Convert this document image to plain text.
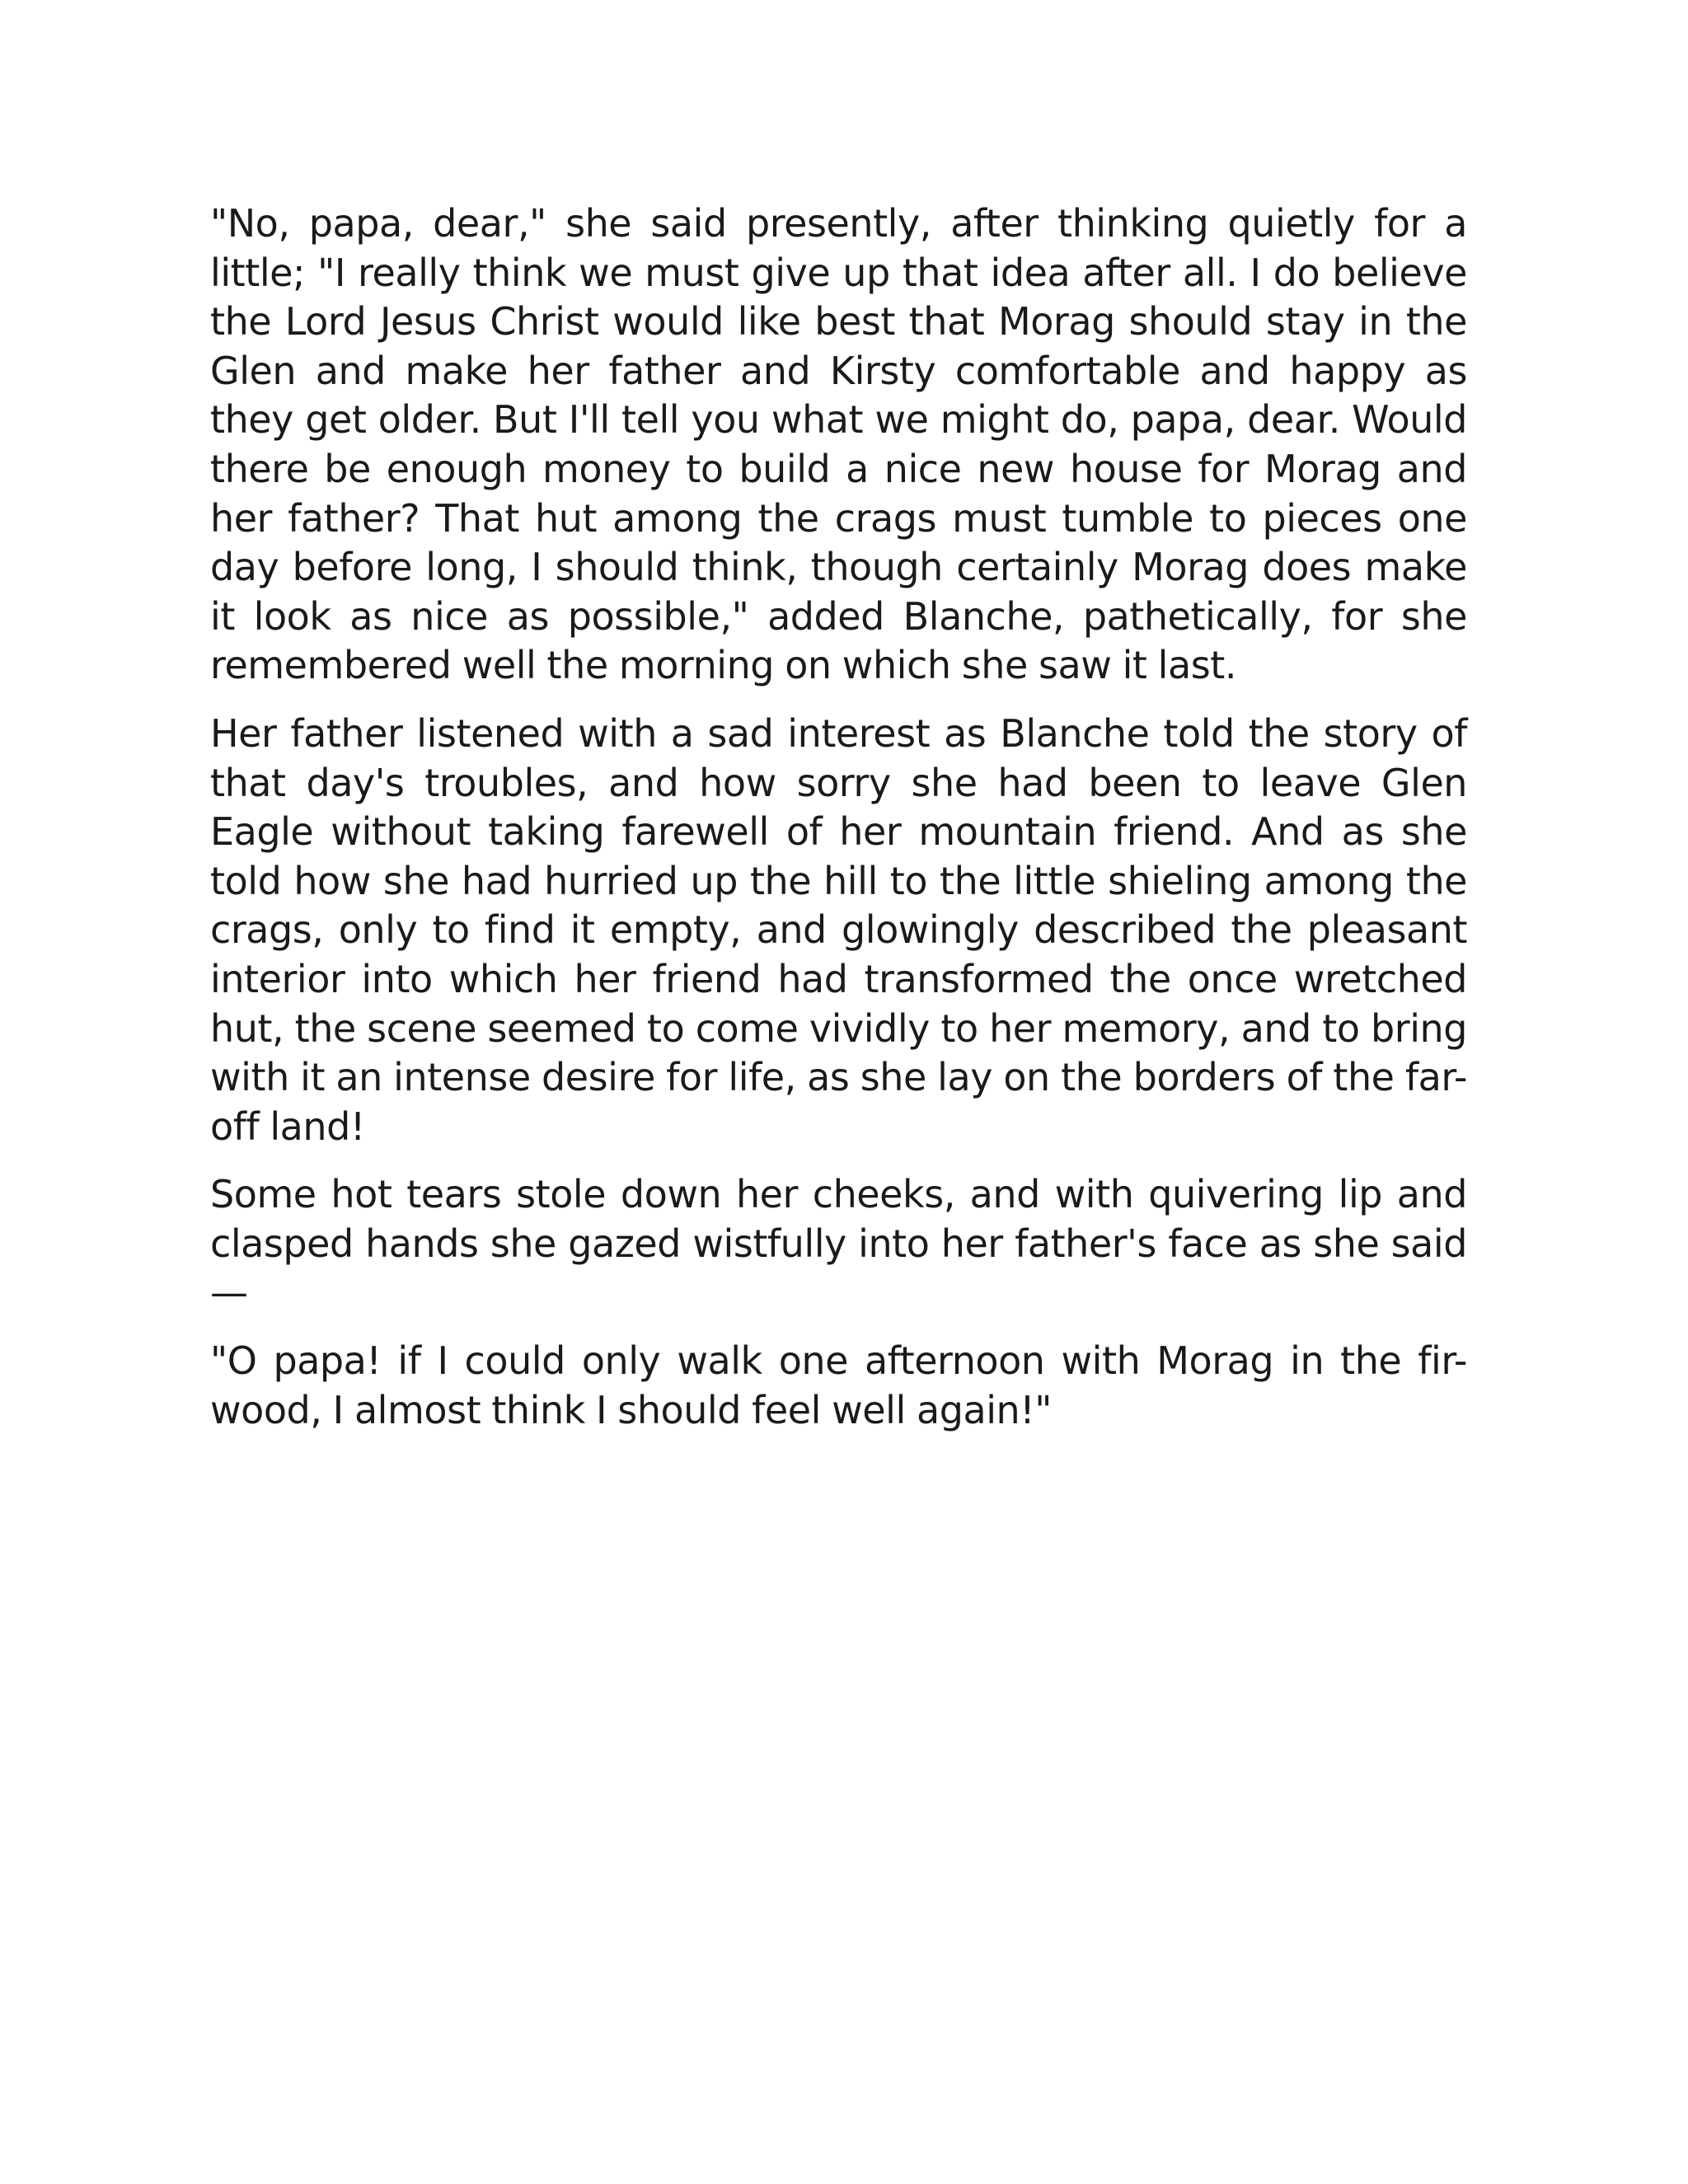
"No, papa, dear," she said presently, after thinking quietly for a little; "I really think we must give up that idea after all. I do believe the Lord Jesus Christ would like best that Morag should stay in the Glen and make her father and Kirsty comfortable and happy as they get older. But I'll tell you what we might do, papa, dear. Would there be enough money to build a nice new house for Morag and her father? That hut among the crags must tumble to pieces one day before long, I should think, though certainly Morag does make it look as nice as possible," added Blanche, pathetically, for she remembered well the morning on which she saw it last.

Her father listened with a sad interest as Blanche told the story of that day's troubles, and how sorry she had been to leave Glen Eagle without taking farewell of her mountain friend. And as she told how she had hurried up the hill to the little shieling among the crags, only to find it empty, and glowingly described the pleasant interior into which her friend had transformed the once wretched hut, the scene seemed to come vividly to her memory, and to bring with it an intense desire for life, as she lay on the borders of the far-off land!

Some hot tears stole down her cheeks, and with quivering lip and clasped hands she gazed wistfully into her father's face as she said—

"O papa! if I could only walk one afternoon with Morag in the fir-wood, I almost think I should feel well again!"
